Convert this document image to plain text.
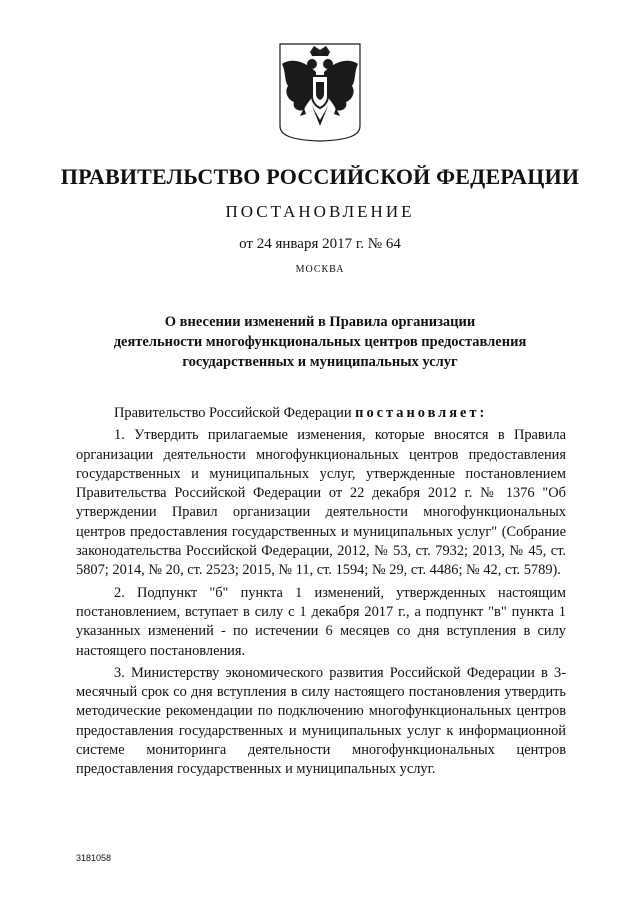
ПРАВИТЕЛЬСТВО РОССИЙСКОЙ ФЕДЕРАЦИИ
ПОСТАНОВЛЕНИЕ
от 24 января 2017 г. № 64
МОСКВА
О внесении изменений в Правила организации
деятельности многофункциональных центров предоставления
государственных и муниципальных услуг

Правительство Российской Федерации постановляет:

1. Утвердить прилагаемые изменения, которые вносятся в Правила организации деятельности многофункциональных центров предоставления государственных и муниципальных услуг, утвержденные постановлением Правительства Российской Федерации от 22 декабря 2012 г. № 1376 "Об утверждении Правил организации деятельности многофункциональных центров предоставления государственных и муниципальных услуг" (Собрание законодательства Российской Федерации, 2012, № 53, ст. 7932; 2013, № 45, ст. 5807; 2014, № 20, ст. 2523; 2015, № 11, ст. 1594; № 29, ст. 4486; № 42, ст. 5789).

2. Подпункт "б" пункта 1 изменений, утвержденных настоящим постановлением, вступает в силу с 1 декабря 2017 г., а подпункт "в" пункта 1 указанных изменений - по истечении 6 месяцев со дня вступления в силу настоящего постановления.

3. Министерству экономического развития Российской Федерации в 3-месячный срок со дня вступления в силу настоящего постановления утвердить методические рекомендации по подключению многофункциональных центров предоставления государственных и муниципальных услуг к информационной системе мониторинга деятельности многофункциональных центров предоставления государственных и муниципальных услуг.

3181058
